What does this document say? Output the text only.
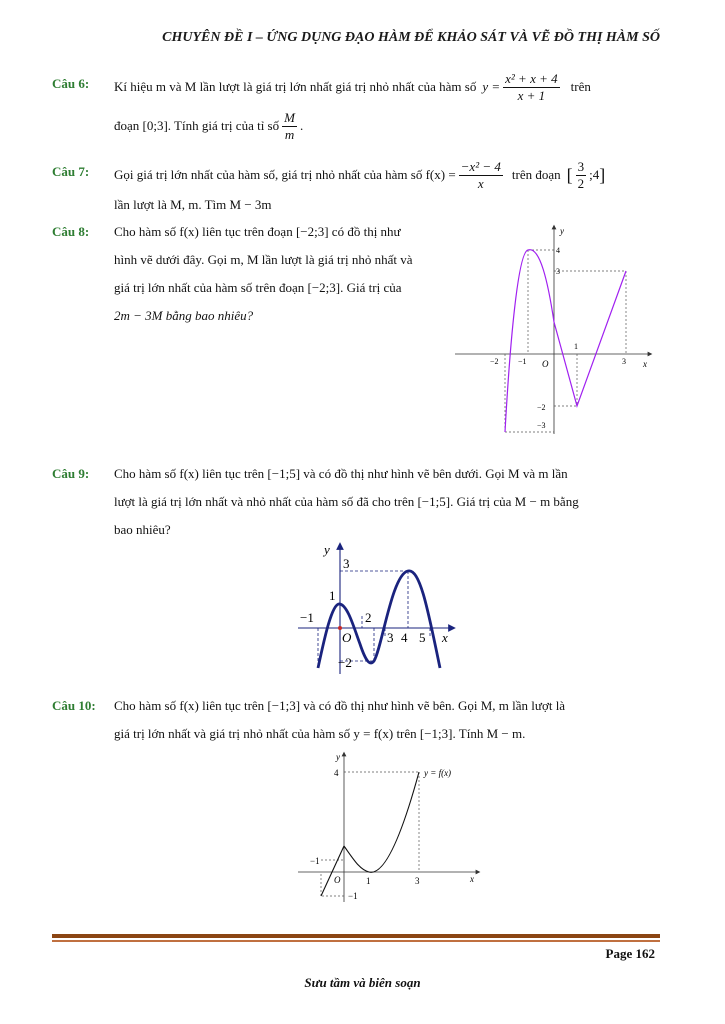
CHUYÊN ĐỀ I – ỨNG DỤNG ĐẠO HÀM ĐỂ KHẢO SÁT VÀ VẼ ĐỒ THỊ HÀM SỐ
Câu 6:	Kí hiệu m và M lần lượt là giá trị lớn nhất giá trị nhỏ nhất của hàm số $y = \frac{\text{x² + x + 4}}{x + 1}$ trên
đoạn [0;3]. Tính giá trị của tỉ số $\frac{M}{m}$ .
Câu 7:	Gọi giá trị lớn nhất của hàm số, giá trị nhỏ nhất của hàm số $f(x) = \frac{\text{−x² − 4}}{x}$ trên đoạn [ $\frac{3}{2}$ ;4 ]
lần lượt là M, m. Tìm M − 3m
Câu 8:	Cho hàm số f(x) liên tục trên đoạn [−2;3] có đồ thị như
hình vẽ dưới đây. Gọi m, M lần lượt là giá trị nhỏ nhất và
giá trị lớn nhất của hàm số trên đoạn [−2;3]. Giá trị của
2m − 3M bằng bao nhiêu?
y
x
O
4
3
−2
−3
−2 −1
1
3
Câu 9:	Cho hàm số f(x) liên tục trên [−1;5] và có đồ thị như hình vẽ bên dưới. Gọi M và m lần
lượt là giá trị lớn nhất và nhỏ nhất của hàm số đã cho trên [−1;5]. Giá trị của M − m bằng
bao nhiêu?
y
x
O
3
1
−2
−1	2
3 4 5
Câu 10:	Cho hàm số f(x) liên tục trên [−1;3] và có đồ thị như hình vẽ bên. Gọi M, m lần lượt là
giá trị lớn nhất và giá trị nhỏ nhất của hàm số y = f(x) trên [−1;3]. Tính M − m.
y
x
O
4
−1
−1
1	3
y = f(x)
Page 162
Sưu tầm và biên soạn
